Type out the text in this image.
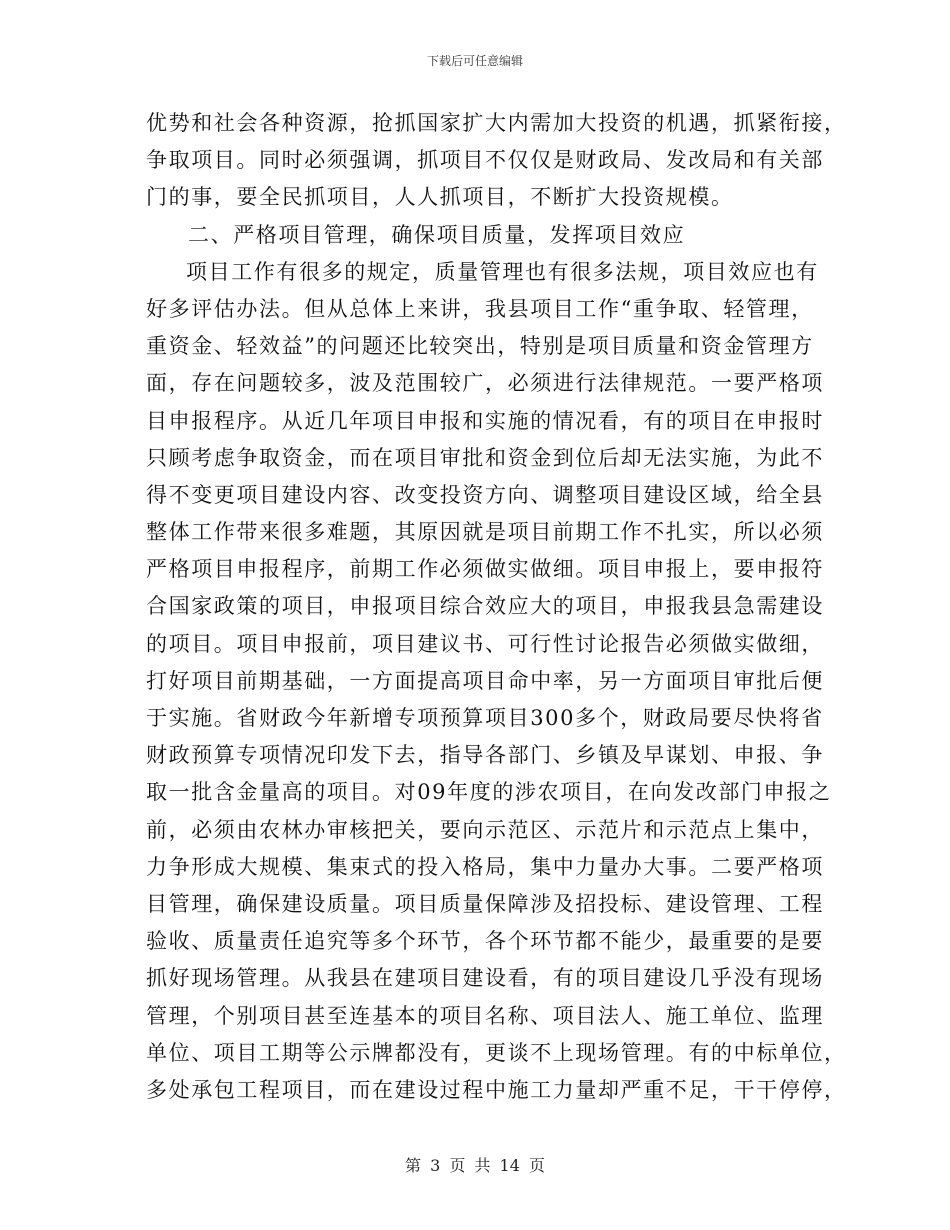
下载后可任意编辑
优势和社会各种资源，抢抓国家扩大内需加大投资的机遇，抓紧衔接，
争取项目。同时必须强调，抓项目不仅仅是财政局、发改局和有关部
门的事，要全民抓项目，人人抓项目，不断扩大投资规模。
二、严格项目管理，确保项目质量，发挥项目效应
项目工作有很多的规定，质量管理也有很多法规，项目效应也有
好多评估办法。但从总体上来讲，我县项目工作“重争取、轻管理，
重资金、轻效益”的问题还比较突出，特别是项目质量和资金管理方
面，存在问题较多，波及范围较广，必须进行法律规范。一要严格项
目申报程序。从近几年项目申报和实施的情况看，有的项目在申报时
只顾考虑争取资金，而在项目审批和资金到位后却无法实施，为此不
得不变更项目建设内容、改变投资方向、调整项目建设区域，给全县
整体工作带来很多难题，其原因就是项目前期工作不扎实，所以必须
严格项目申报程序，前期工作必须做实做细。项目申报上，要申报符
合国家政策的项目，申报项目综合效应大的项目，申报我县急需建设
的项目。项目申报前，项目建议书、可行性讨论报告必须做实做细，
打好项目前期基础，一方面提高项目命中率，另一方面项目审批后便
于实施。省财政今年新增专项预算项目300多个，财政局要尽快将省
财政预算专项情况印发下去，指导各部门、乡镇及早谋划、申报、争
取一批含金量高的项目。对09年度的涉农项目，在向发改部门申报之
前，必须由农林办审核把关，要向示范区、示范片和示范点上集中，
力争形成大规模、集束式的投入格局，集中力量办大事。二要严格项
目管理，确保建设质量。项目质量保障涉及招投标、建设管理、工程
验收、质量责任追究等多个环节，各个环节都不能少，最重要的是要
抓好现场管理。从我县在建项目建设看，有的项目建设几乎没有现场
管理，个别项目甚至连基本的项目名称、项目法人、施工单位、监理
单位、项目工期等公示牌都没有，更谈不上现场管理。有的中标单位，
多处承包工程项目，而在建设过程中施工力量却严重不足，干干停停，
第 3 页 共 14 页
